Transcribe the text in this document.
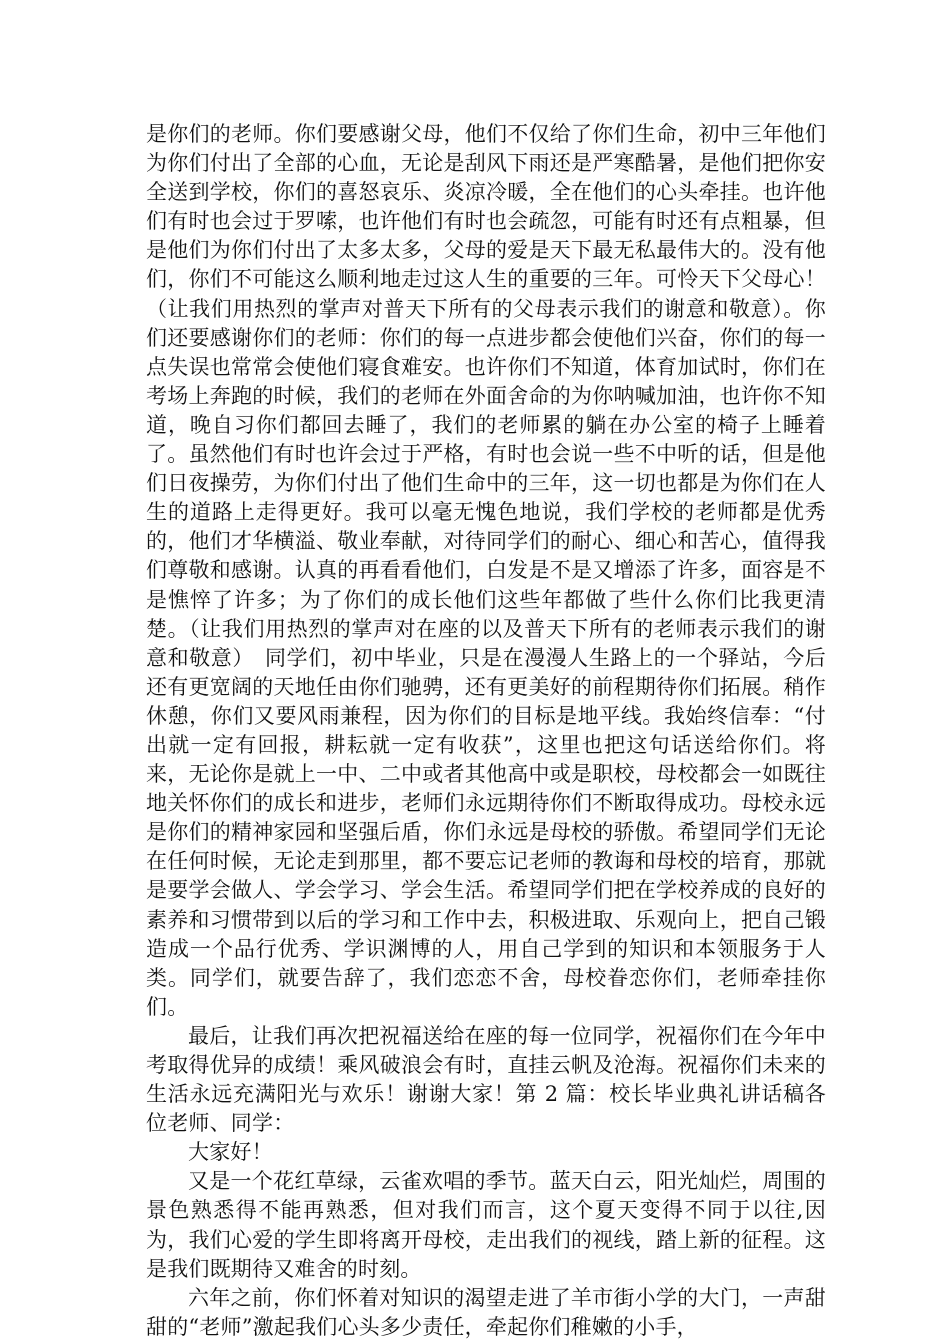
是你们的老师。你们要感谢父母，他们不仅给了你们生命，初中三年他们为你们付出了全部的心血，无论是刮风下雨还是严寒酷暑，是他们把你安全送到学校，你们的喜怒哀乐、炎凉冷暖，全在他们的心头牵挂。也许他们有时也会过于罗嗦，也许他们有时也会疏忽，可能有时还有点粗暴，但是他们为你们付出了太多太多，父母的爱是天下最无私最伟大的。没有他们，你们不可能这么顺利地走过这人生的重要的三年。可怜天下父母心！（让我们用热烈的掌声对普天下所有的父母表示我们的谢意和敬意）。你们还要感谢你们的老师：你们的每一点进步都会使他们兴奋，你们的每一点失误也常常会使他们寝食难安。也许你们不知道，体育加试时，你们在考场上奔跑的时候，我们的老师在外面舍命的为你呐喊加油，也许你不知道，晚自习你们都回去睡了，我们的老师累的躺在办公室的椅子上睡着了。虽然他们有时也许会过于严格，有时也会说一些不中听的话，但是他们日夜操劳，为你们付出了他们生命中的三年，这一切也都是为你们在人生的道路上走得更好。我可以毫无愧色地说，我们学校的老师都是优秀的，他们才华横溢、敬业奉献，对待同学们的耐心、细心和苦心，值得我们尊敬和感谢。认真的再看看他们，白发是不是又增添了许多，面容是不是憔悴了许多；为了你们的成长他们这些年都做了些什么你们比我更清楚。（让我们用热烈的掌声对在座的以及普天下所有的老师表示我们的谢意和敬意）　同学们，初中毕业，只是在漫漫人生路上的一个驿站，今后还有更宽阔的天地任由你们驰骋，还有更美好的前程期待你们拓展。稍作休憩，你们又要风雨兼程，因为你们的目标是地平线。我始终信奉：“付出就一定有回报，耕耘就一定有收获”，这里也把这句话送给你们。将来，无论你是就上一中、二中或者其他高中或是职校，母校都会一如既往地关怀你们的成长和进步，老师们永远期待你们不断取得成功。母校永远是你们的精神家园和坚强后盾，你们永远是母校的骄傲。希望同学们无论在任何时候，无论走到那里，都不要忘记老师的教诲和母校的培育，那就是要学会做人、学会学习、学会生活。希望同学们把在学校养成的良好的素养和习惯带到以后的学习和工作中去，积极进取、乐观向上，把自己锻造成一个品行优秀、学识渊博的人，用自己学到的知识和本领服务于人类。同学们，就要告辞了，我们恋恋不舍，母校眷恋你们，老师牵挂你们。

最后，让我们再次把祝福送给在座的每一位同学，祝福你们在今年中考取得优异的成绩！乘风破浪会有时，直挂云帆及沧海。祝福你们未来的生活永远充满阳光与欢乐！谢谢大家！第 2 篇：校长毕业典礼讲话稿各位老师、同学：

大家好！

又是一个花红草绿，云雀欢唱的季节。蓝天白云，阳光灿烂，周围的景色熟悉得不能再熟悉，但对我们而言，这个夏天变得不同于以往,因为，我们心爱的学生即将离开母校，走出我们的视线，踏上新的征程。这是我们既期待又难舍的时刻。

六年之前，你们怀着对知识的渴望走进了羊市街小学的大门，一声甜甜的“老师”激起我们心头多少责任，牵起你们稚嫩的小手，
